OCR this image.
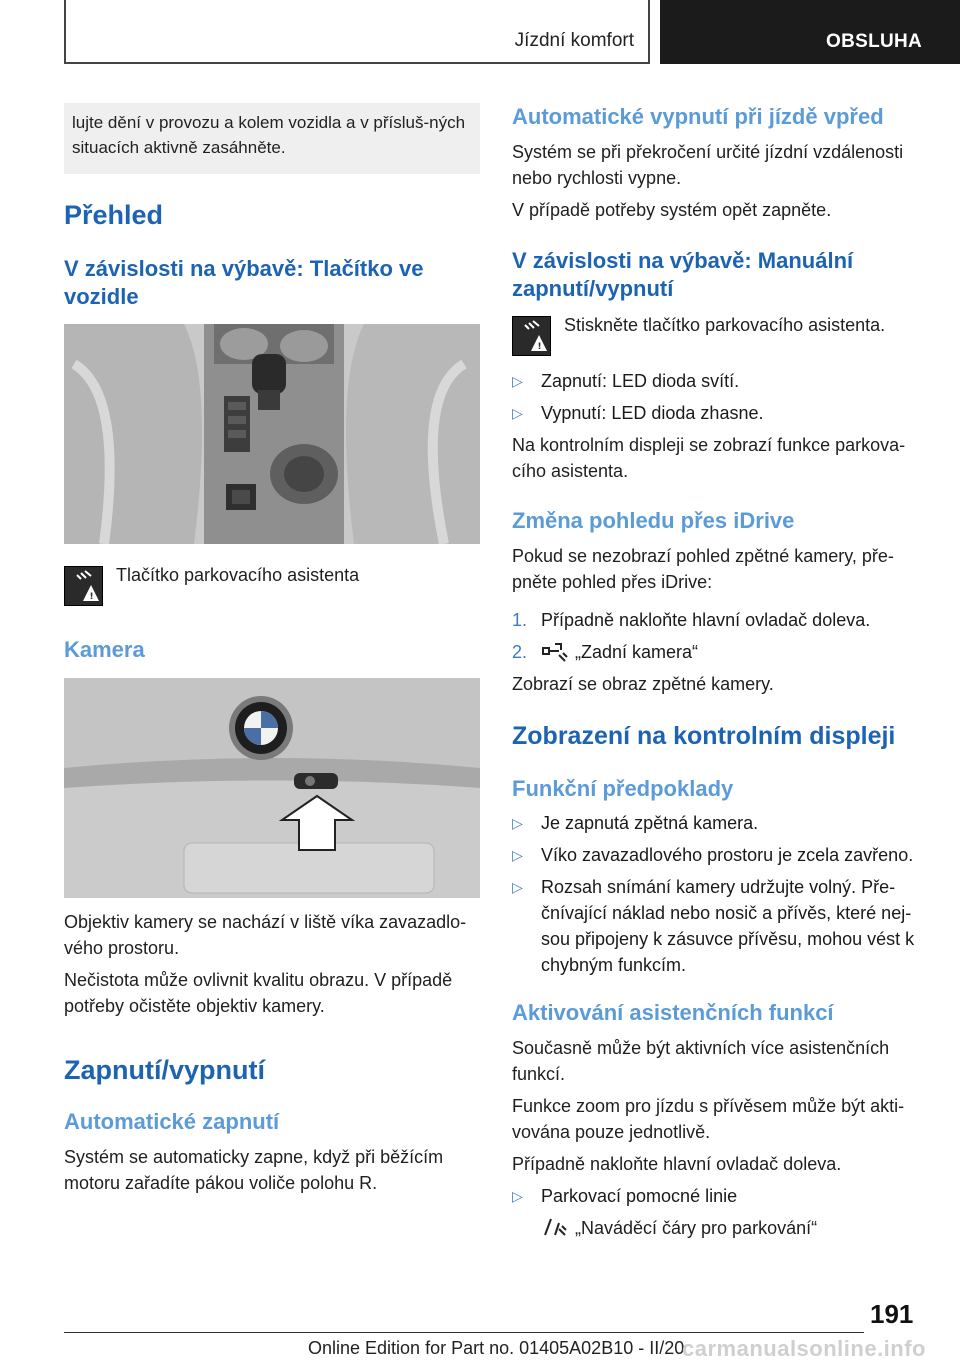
Jízdní komfort	OBSLUHA
lujte dění v provozu a kolem vozidla a v přísluš-ných situacích aktivně zasáhněte.
Přehled
V závislosti na výbavě: Tlačítko ve vozidle
!
Tlačítko parkovacího asistenta
Kamera
Objektiv kamery se nachází v liště víka zavazadlo-vého prostoru.
Nečistota může ovlivnit kvalitu obrazu. V případě potřeby očistěte objektiv kamery.
Zapnutí/vypnutí
Automatické zapnutí
Systém se automaticky zapne, když při běžícím motoru zařadíte pákou voliče polohu R.
Automatické vypnutí při jízdě vpřed
Systém se při překročení určité jízdní vzdálenosti nebo rychlosti vypne.
V případě potřeby systém opět zapněte.
V závislosti na výbavě: Manuální zapnutí/vypnutí
!
Stiskněte tlačítko parkovacího asistenta.
▷ Zapnutí: LED dioda svítí.
▷ Vypnutí: LED dioda zhasne.
Na kontrolním displeji se zobrazí funkce parkova-cího asistenta.
Změna pohledu přes iDrive
Pokud se nezobrazí pohled zpětné kamery, pře-pněte pohled přes iDrive:
1. Případně nakloňte hlavní ovladač doleva.
2.	„Zadní kamera“
Zobrazí se obraz zpětné kamery.
Zobrazení na kontrolním displeji
Funkční předpoklady
▷ Je zapnutá zpětná kamera.
▷ Víko zavazadlového prostoru je zcela zavřeno.
▷ Rozsah snímání kamery udržujte volný. Pře-čnívající náklad nebo nosič a přívěs, které nej-sou připojeny k zásuvce přívěsu, mohou vést k chybným funkcím.
Aktivování asistenčních funkcí
Současně může být aktivních více asistenčních funkcí.
Funkce zoom pro jízdu s přívěsem může být akti-vována pouze jednotlivě.
Případně nakloňte hlavní ovladač doleva.
▷ Parkovací pomocné linie
„Naváděcí čáry pro parkování“
191
Online Edition for Part no. 01405A02B10 - II/20
carmanualsonline.info
